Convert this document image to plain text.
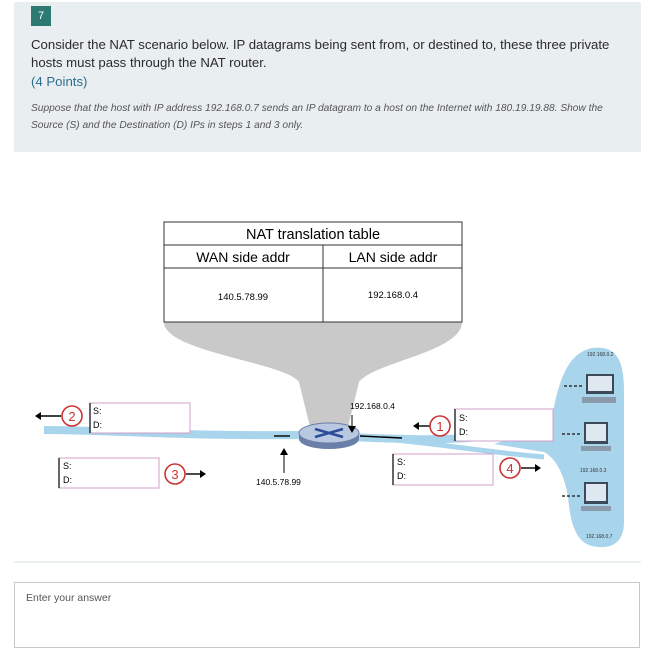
7
Consider the NAT scenario below. IP datagrams being sent from, or destined to, these three private hosts must pass through the NAT router.
(4 Points)
Suppose that the host with IP address 192.168.0.7 sends an IP datagram to a host on the Internet with 180.19.19.88. Show the Source (S) and the Destination (D) IPs in steps 1 and 3 only.
NAT translation table
WAN side addr	LAN side addr
140.5.78.99	192.168.0.4
192.168.0.4
140.5.78.99
2 S:
D:
S:
D:	3
1
S:
D:
S:
D:	4
192.168.0.2
192.168.0.3
192.168.0.7
Enter your answer
